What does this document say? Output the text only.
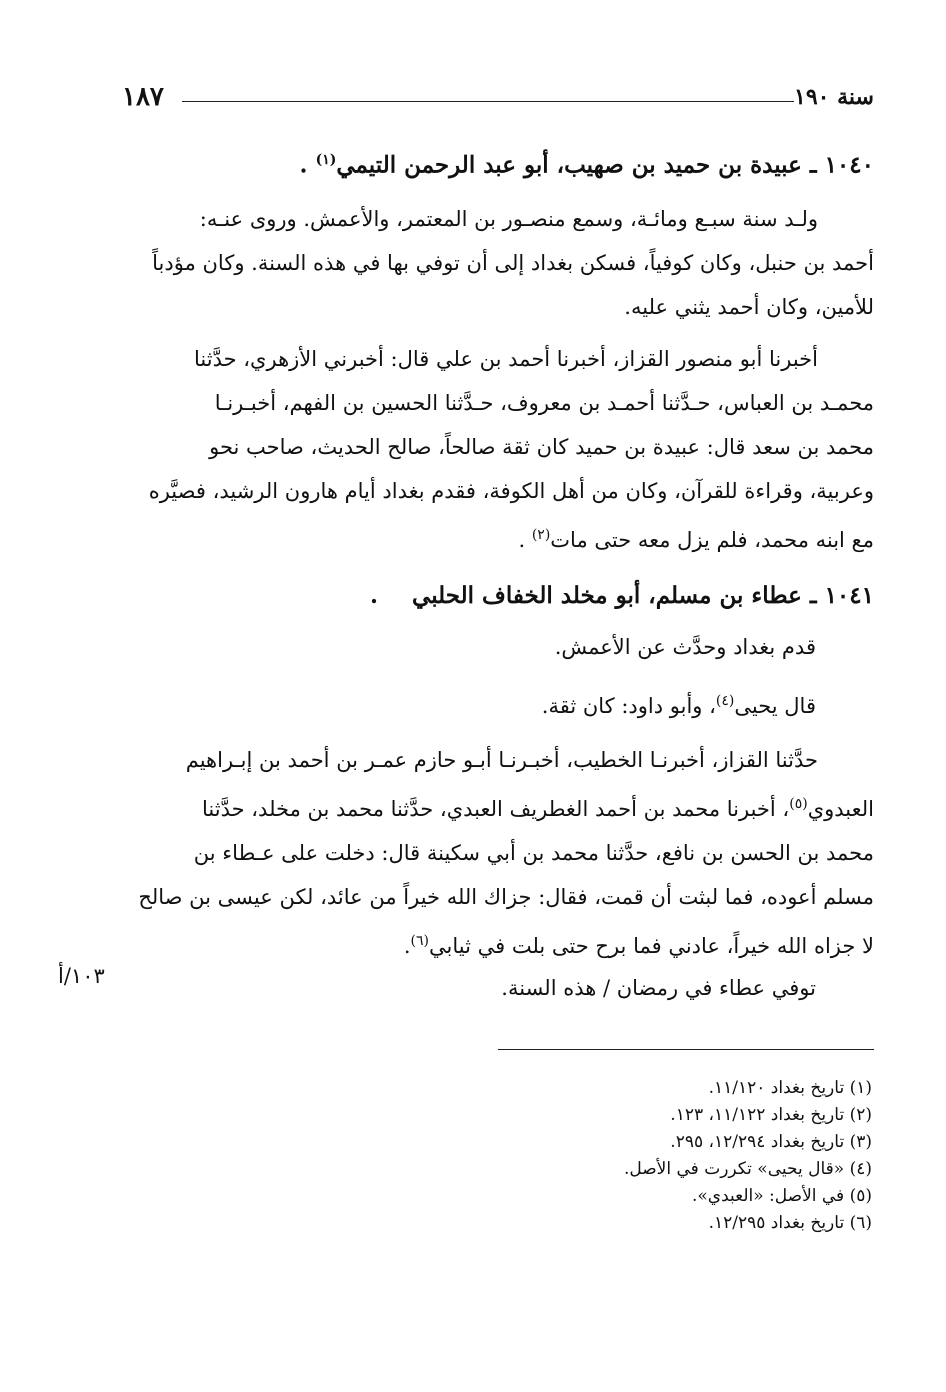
سنة ١٩٠
١٨٧
١٠٤٠ ـ عبيدة بن حميد بن صهيب، أبو عبد الرحمن التيمي$^{(١)}$ .
ولـد سنة سبـع ومائـة، وسمع منصـور بن المعتمر، والأعمش. وروى عنـه:
أحمد بن حنبل، وكان كوفياً، فسكن بغداد إلى أن توفي بها في هذه السنة. وكان مؤدباً
للأمين، وكان أحمد يثني عليه.
أخبرنا أبو منصور القزاز، أخبرنا أحمد بن علي قال: أخبرني الأزهري، حدَّثنا
محمـد بن العباس، حـدَّثنا أحمـد بن معروف، حـدَّثنا الحسين بن الفهم، أخبـرنـا
محمد بن سعد قال: عبيدة بن حميد كان ثقة صالحاً، صالح الحديث، صاحب نحو
وعربية، وقراءة للقرآن، وكان من أهل الكوفة، فقدم بغداد أيام هارون الرشيد، فصيَّره
مع ابنه محمد، فلم يزل معه حتى مات$^{(٢)}$ .
١٠٤١ ـ عطاء بن مسلم، أبو مخلد الخفاف الحلبي .
قدم بغداد وحدَّث عن الأعمش.
قال يحيى$^{(٤)}$، وأبو داود: كان ثقة.
حدَّثنا القزاز، أخبرنـا الخطيب، أخبـرنـا أبـو حازم عمـر بن أحمد بن إبـراهيم
العبدوي$^{(٥)}$، أخبرنا محمد بن أحمد الغطريف العبدي، حدَّثنا محمد بن مخلد، حدَّثنا
محمد بن الحسن بن نافع، حدَّثنا محمد بن أبي سكينة قال: دخلت على عـطاء بن
مسلم أعوده، فما لبثت أن قمت، فقال: جزاك الله خيراً من عائد، لكن عيسى بن صالح
لا جزاه الله خيراً، عادني فما برح حتى بلت في ثيابي$^{(٦)}$.
توفي عطاء في رمضان / هذه السنة.
١٠٣/أ
(١) تاريخ بغداد ١١/١٢٠.
(٢) تاريخ بغداد ١١/١٢٢، ١٢٣.
(٣) تاريخ بغداد ١٢/٢٩٤، ٢٩٥.
(٤) «قال يحيى» تكررت في الأصل.
(٥) في الأصل: «العبدي».
(٦) تاريخ بغداد ١٢/٢٩٥.
